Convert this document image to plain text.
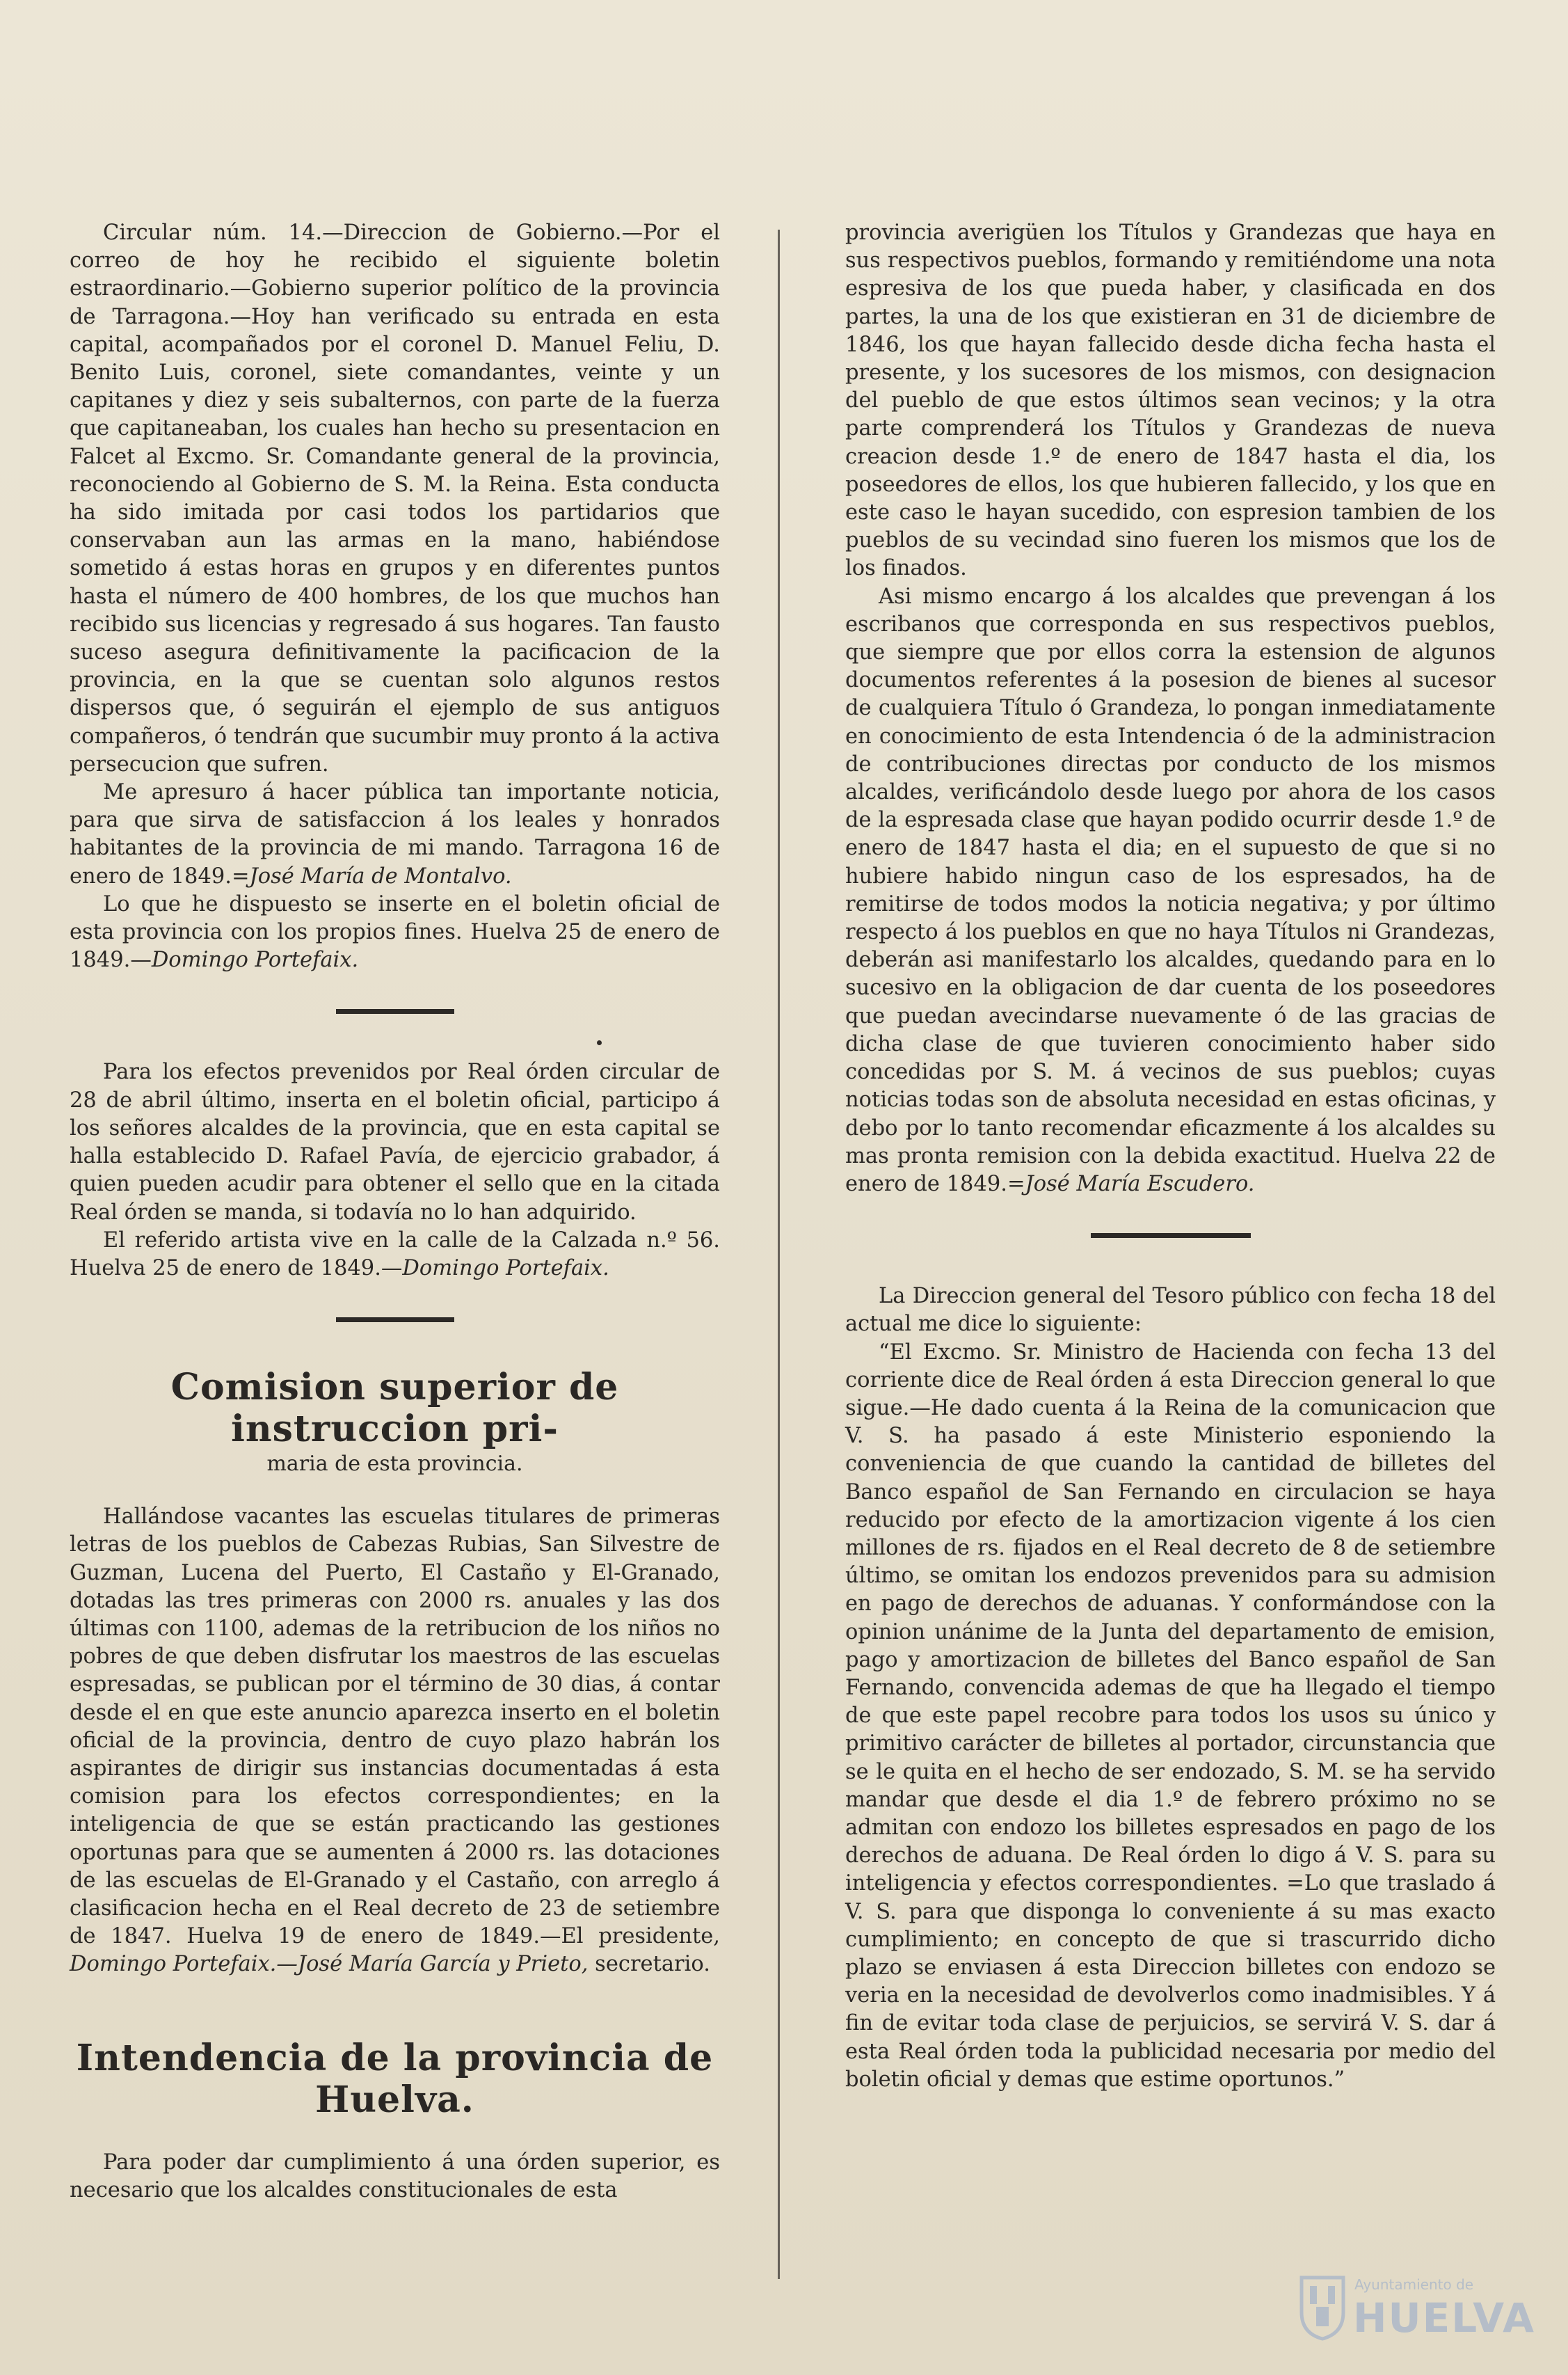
Circular núm. 14.—Direccion de Gobierno.—Por el correo de hoy he recibido el siguiente boletin estraordinario.—Gobierno superior político de la provincia de Tarragona.—Hoy han verificado su entrada en esta capital, acompañados por el coronel D. Manuel Feliu, D. Benito Luis, coronel, siete comandantes, veinte y un capitanes y diez y seis subalternos, con parte de la fuerza que capitaneaban, los cuales han hecho su presentacion en Falcet al Excmo. Sr. Comandante general de la provincia, reconociendo al Gobierno de S. M. la Reina. Esta conducta ha sido imitada por casi todos los partidarios que conservaban aun las armas en la mano, habiéndose sometido á estas horas en grupos y en diferentes puntos hasta el número de 400 hombres, de los que muchos han recibido sus licencias y regresado á sus hogares. Tan fausto suceso asegura definitivamente la pacificacion de la provincia, en la que se cuentan solo algunos restos dispersos que, ó seguirán el ejemplo de sus antiguos compañeros, ó tendrán que sucumbir muy pronto á la activa persecucion que sufren.

Me apresuro á hacer pública tan importante noticia, para que sirva de satisfaccion á los leales y honrados habitantes de la provincia de mi mando. Tarragona 16 de enero de 1849.=José María de Montalvo.

Lo que he dispuesto se inserte en el boletin oficial de esta provincia con los propios fines. Huelva 25 de enero de 1849.—Domingo Portefaix.

Para los efectos prevenidos por Real órden circular de 28 de abril último, inserta en el boletin oficial, participo á los señores alcaldes de la provincia, que en esta capital se halla establecido D. Rafael Pavía, de ejercicio grabador, á quien pueden acudir para obtener el sello que en la citada Real órden se manda, si todavía no lo han adquirido.

El referido artista vive en la calle de la Calzada n.º 56. Huelva 25 de enero de 1849.—Domingo Portefaix.

Comision superior de instruccion pri-

maria de esta provincia.

Hallándose vacantes las escuelas titulares de primeras letras de los pueblos de Cabezas Rubias, San Silvestre de Guzman, Lucena del Puerto, El Castaño y El-Granado, dotadas las tres primeras con 2000 rs. anuales y las dos últimas con 1100, ademas de la retribucion de los niños no pobres de que deben disfrutar los maestros de las escuelas espresadas, se publican por el término de 30 dias, á contar desde el en que este anuncio aparezca inserto en el boletin oficial de la provincia, dentro de cuyo plazo habrán los aspirantes de dirigir sus instancias documentadas á esta comision para los efectos correspondientes; en la inteligencia de que se están practicando las gestiones oportunas para que se aumenten á 2000 rs. las dotaciones de las escuelas de El-Granado y el Castaño, con arreglo á clasificacion hecha en el Real decreto de 23 de setiembre de 1847. Huelva 19 de enero de 1849.—El presidente, Domingo Portefaix.—José María García y Prieto, secretario.

Intendencia de la provincia de Huelva.

Para poder dar cumplimiento á una órden superior, es necesario que los alcaldes constitucionales de esta

provincia averigüen los Títulos y Grandezas que haya en sus respectivos pueblos, formando y remitiéndome una nota espresiva de los que pueda haber, y clasificada en dos partes, la una de los que existieran en 31 de diciembre de 1846, los que hayan fallecido desde dicha fecha hasta el presente, y los sucesores de los mismos, con designacion del pueblo de que estos últimos sean vecinos; y la otra parte comprenderá los Títulos y Grandezas de nueva creacion desde 1.º de enero de 1847 hasta el dia, los poseedores de ellos, los que hubieren fallecido, y los que en este caso le hayan sucedido, con espresion tambien de los pueblos de su vecindad sino fueren los mismos que los de los finados.

Asi mismo encargo á los alcaldes que prevengan á los escribanos que corresponda en sus respectivos pueblos, que siempre que por ellos corra la estension de algunos documentos referentes á la posesion de bienes al sucesor de cualquiera Título ó Grandeza, lo pongan inmediatamente en conocimiento de esta Intendencia ó de la administracion de contribuciones directas por conducto de los mismos alcaldes, verificándolo desde luego por ahora de los casos de la espresada clase que hayan podido ocurrir desde 1.º de enero de 1847 hasta el dia; en el supuesto de que si no hubiere habido ningun caso de los espresados, ha de remitirse de todos modos la noticia negativa; y por último respecto á los pueblos en que no haya Títulos ni Grandezas, deberán asi manifestarlo los alcaldes, quedando para en lo sucesivo en la obligacion de dar cuenta de los poseedores que puedan avecindarse nuevamente ó de las gracias de dicha clase de que tuvieren conocimiento haber sido concedidas por S. M. á vecinos de sus pueblos; cuyas noticias todas son de absoluta necesidad en estas oficinas, y debo por lo tanto recomendar eficazmente á los alcaldes su mas pronta remision con la debida exactitud. Huelva 22 de enero de 1849.=José María Escudero.

La Direccion general del Tesoro público con fecha 18 del actual me dice lo siguiente:

“El Excmo. Sr. Ministro de Hacienda con fecha 13 del corriente dice de Real órden á esta Direccion general lo que sigue.—He dado cuenta á la Reina de la comunicacion que V. S. ha pasado á este Ministerio esponiendo la conveniencia de que cuando la cantidad de billetes del Banco español de San Fernando en circulacion se haya reducido por efecto de la amortizacion vigente á los cien millones de rs. fijados en el Real decreto de 8 de setiembre último, se omitan los endozos prevenidos para su admision en pago de derechos de aduanas. Y conformándose con la opinion unánime de la Junta del departamento de emision, pago y amortizacion de billetes del Banco español de San Fernando, convencida ademas de que ha llegado el tiempo de que este papel recobre para todos los usos su único y primitivo carácter de billetes al portador, circunstancia que se le quita en el hecho de ser endozado, S. M. se ha servido mandar que desde el dia 1.º de febrero próximo no se admitan con endozo los billetes espresados en pago de los derechos de aduana. De Real órden lo digo á V. S. para su inteligencia y efectos correspondientes. =Lo que traslado á V. S. para que disponga lo conveniente á su mas exacto cumplimiento; en concepto de que si trascurrido dicho plazo se enviasen á esta Direccion billetes con endozo se veria en la necesidad de devolverlos como inadmisibles. Y á fin de evitar toda clase de perjuicios, se servirá V. S. dar á esta Real órden toda la publicidad necesaria por medio del boletin oficial y demas que estime oportunos.”

Ayuntamiento de
HUELVA
